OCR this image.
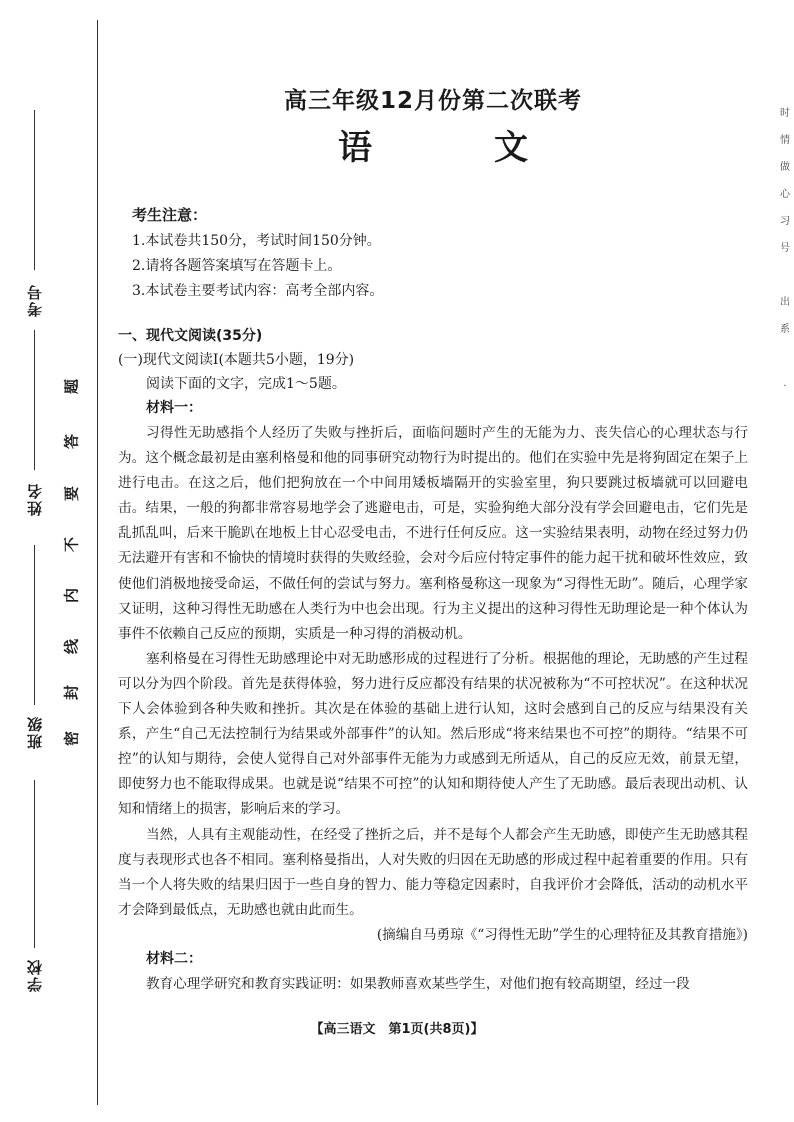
考号
姓名
班级
学校
题
答
要
不
内
线
封
密
时
情
做
心
习
号

出
系

.
高三年级12月份第二次联考
语　文
考生注意：
1.本试卷共150分，考试时间150分钟。
2.请将各题答案填写在答题卡上。
3.本试卷主要考试内容：高考全部内容。
一、现代文阅读(35分)
(一)现代文阅读Ⅰ(本题共5小题，19分)
阅读下面的文字，完成1～5题。
材料一：

习得性无助感指个人经历了失败与挫折后，面临问题时产生的无能为力、丧失信心的心理状态与行为。这个概念最初是由塞利格曼和他的同事研究动物行为时提出的。他们在实验中先是将狗固定在架子上进行电击。在这之后，他们把狗放在一个中间用矮板墙隔开的实验室里，狗只要跳过板墙就可以回避电击。结果，一般的狗都非常容易地学会了逃避电击，可是，实验狗绝大部分没有学会回避电击，它们先是乱抓乱叫，后来干脆趴在地板上甘心忍受电击，不进行任何反应。这一实验结果表明，动物在经过努力仍无法避开有害和不愉快的情境时获得的失败经验，会对今后应付特定事件的能力起干扰和破坏性效应，致使他们消极地接受命运，不做任何的尝试与努力。塞利格曼称这一现象为“习得性无助”。随后，心理学家又证明，这种习得性无助感在人类行为中也会出现。行为主义提出的这种习得性无助理论是一种个体认为事件不依赖自己反应的预期，实质是一种习得的消极动机。

塞利格曼在习得性无助感理论中对无助感形成的过程进行了分析。根据他的理论，无助感的产生过程可以分为四个阶段。首先是获得体验，努力进行反应都没有结果的状况被称为“不可控状况”。在这种状况下人会体验到各种失败和挫折。其次是在体验的基础上进行认知，这时会感到自己的反应与结果没有关系，产生“自己无法控制行为结果或外部事件”的认知。然后形成“将来结果也不可控”的期待。“结果不可控”的认知与期待，会使人觉得自己对外部事件无能为力或感到无所适从，自己的反应无效，前景无望，即使努力也不能取得成果。也就是说“结果不可控”的认知和期待使人产生了无助感。最后表现出动机、认知和情绪上的损害，影响后来的学习。

当然，人具有主观能动性，在经受了挫折之后，并不是每个人都会产生无助感，即使产生无助感其程度与表现形式也各不相同。塞利格曼指出，人对失败的归因在无助感的形成过程中起着重要的作用。只有当一个人将失败的结果归因于一些自身的智力、能力等稳定因素时，自我评价才会降低，活动的动机水平才会降到最低点，无助感也就由此而生。

(摘编自马勇琼《“习得性无助”学生的心理特征及其教育措施》)

材料二：

教育心理学研究和教育实践证明：如果教师喜欢某些学生，对他们抱有较高期望，经过一段

【高三语文　第1页(共8页)】
